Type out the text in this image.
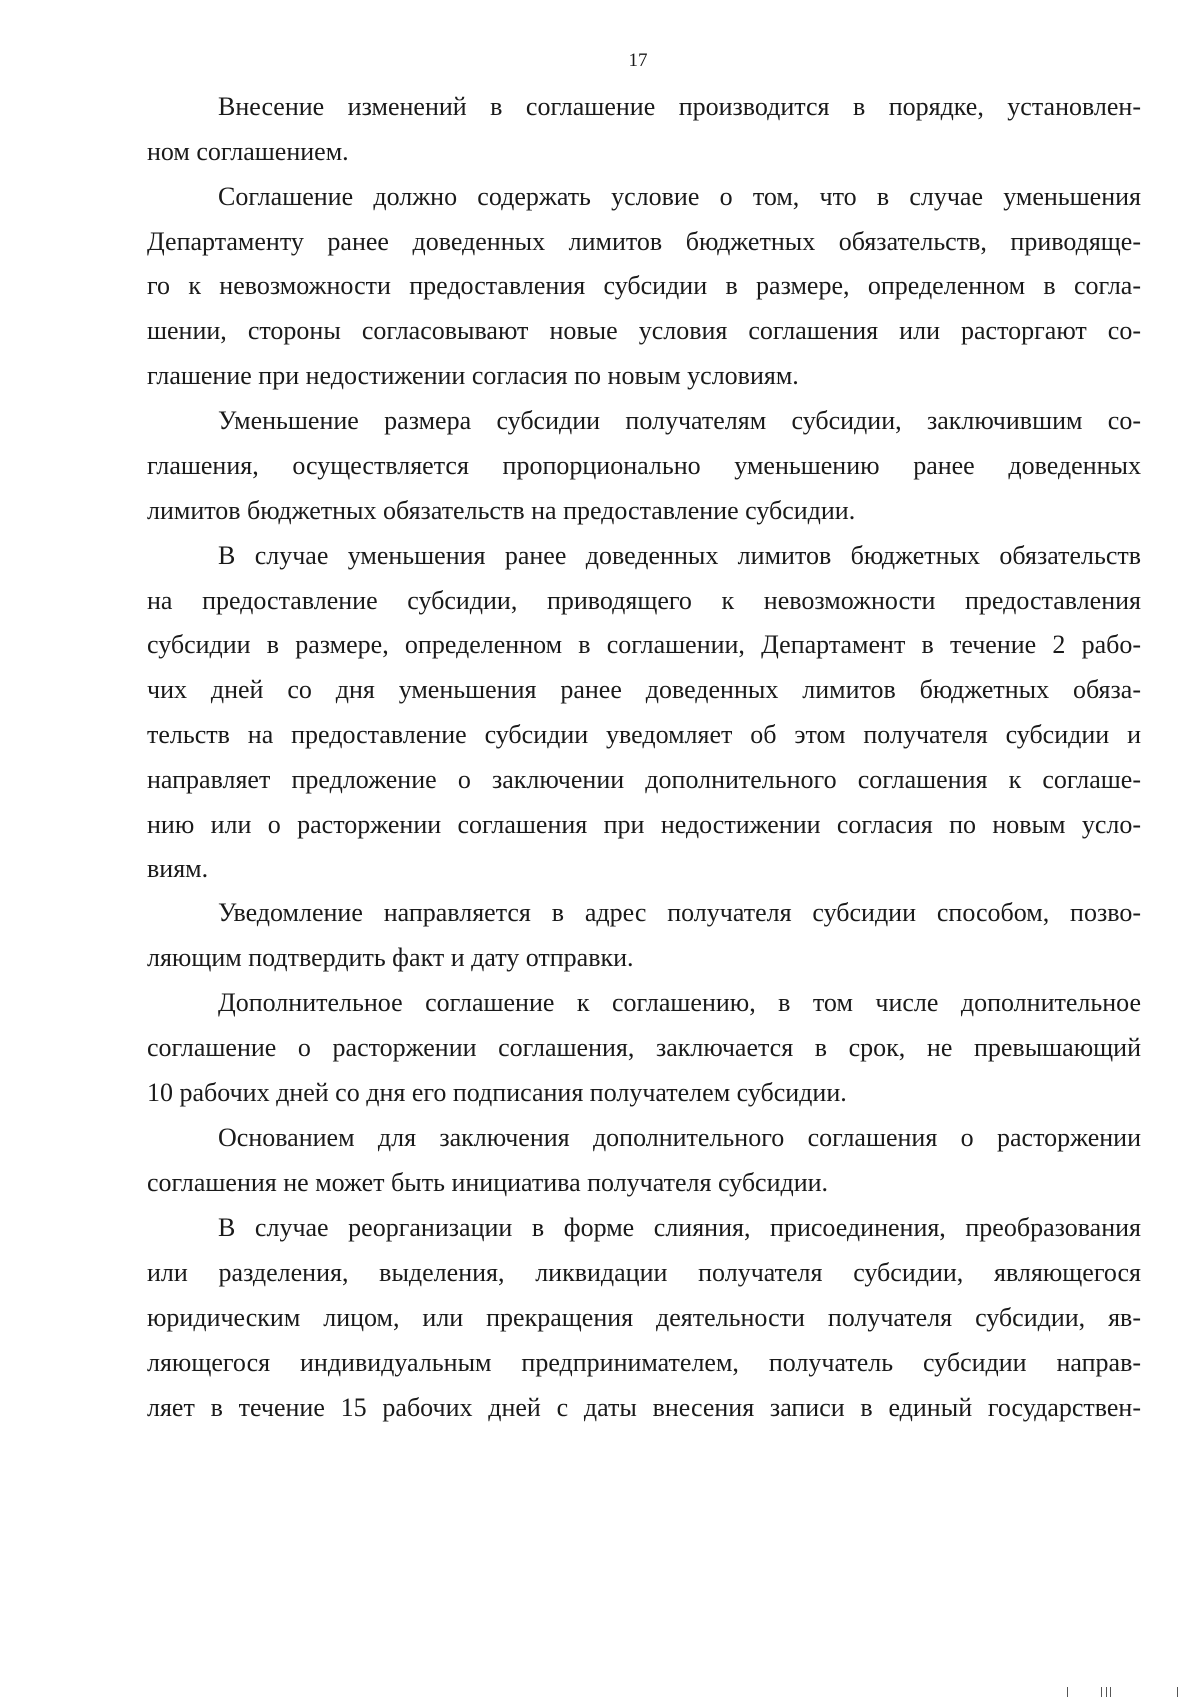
17
Внесение изменений в соглашение производится в порядке, установлен-
ном соглашением.
Соглашение должно содержать условие о том, что в случае уменьшения
Департаменту ранее доведенных лимитов бюджетных обязательств, приводяще-
го к невозможности предоставления субсидии в размере, определенном в согла-
шении, стороны согласовывают новые условия соглашения или расторгают со-
глашение при недостижении согласия по новым условиям.
Уменьшение размера субсидии получателям субсидии, заключившим со-
глашения, осуществляется пропорционально уменьшению ранее доведенных
лимитов бюджетных обязательств на предоставление субсидии.
В случае уменьшения ранее доведенных лимитов бюджетных обязательств
на предоставление субсидии, приводящего к невозможности предоставления
субсидии в размере, определенном в соглашении, Департамент в течение 2 рабо-
чих дней со дня уменьшения ранее доведенных лимитов бюджетных обяза-
тельств на предоставление субсидии уведомляет об этом получателя субсидии и
направляет предложение о заключении дополнительного соглашения к соглаше-
нию или о расторжении соглашения при недостижении согласия по новым усло-
виям.
Уведомление направляется в адрес получателя субсидии способом, позво-
ляющим подтвердить факт и дату отправки.
Дополнительное соглашение к соглашению, в том числе дополнительное
соглашение о расторжении соглашения, заключается в срок, не превышающий
10 рабочих дней со дня его подписания получателем субсидии.
Основанием для заключения дополнительного соглашения о расторжении
соглашения не может быть инициатива получателя субсидии.
В случае реорганизации в форме слияния, присоединения, преобразования
или разделения, выделения, ликвидации получателя субсидии, являющегося
юридическим лицом, или прекращения деятельности получателя субсидии, яв-
ляющегося индивидуальным предпринимателем, получатель субсидии направ-
ляет в течение 15 рабочих дней с даты внесения записи в единый государствен-
